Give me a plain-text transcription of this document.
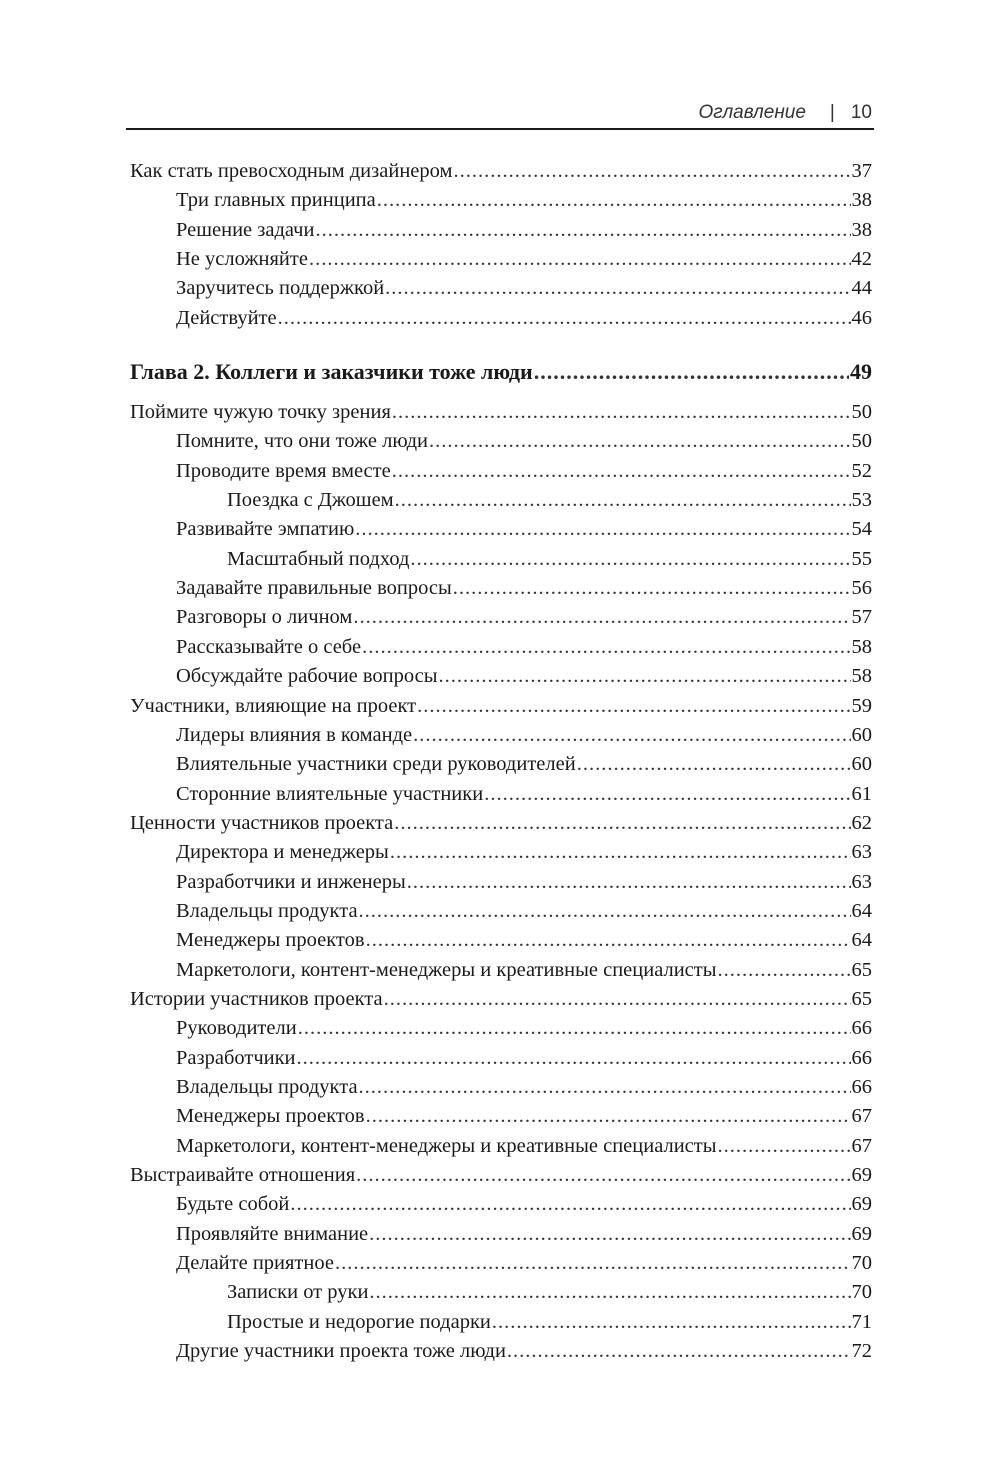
Оглавление | 10
Как стать превосходным дизайнером .....	37
Три главных принципа .....	38
Решение задачи .....	38
Не усложняйте .....	42
Заручитесь поддержкой .....	44
Действуйте .....	46
Глава 2. Коллеги и заказчики тоже люди .....	49
Поймите чужую точку зрения .....	50
Помните, что они тоже люди .....	50
Проводите время вместе .....	52
Поездка с Джошем .....	53
Развивайте эмпатию .....	54
Масштабный подход .....	55
Задавайте правильные вопросы .....	56
Разговоры о личном .....	57
Рассказывайте о себе .....	58
Обсуждайте рабочие вопросы .....	58
Участники, влияющие на проект .....	59
Лидеры влияния в команде .....	60
Влиятельные участники среди руководителей .....	60
Сторонние влиятельные участники .....	61
Ценности участников проекта .....	62
Директора и менеджеры .....	63
Разработчики и инженеры .....	63
Владельцы продукта .....	64
Менеджеры проектов .....	64
Маркетологи, контент-менеджеры и креативные специалисты .....	65
Истории участников проекта .....	65
Руководители .....	66
Разработчики .....	66
Владельцы продукта .....	66
Менеджеры проектов .....	67
Маркетологи, контент-менеджеры и креативные специалисты .....	67
Выстраивайте отношения .....	69
Будьте собой .....	69
Проявляйте внимание .....	69
Делайте приятное .....	70
Записки от руки .....	70
Простые и недорогие подарки .....	71
Другие участники проекта тоже люди .....	72
